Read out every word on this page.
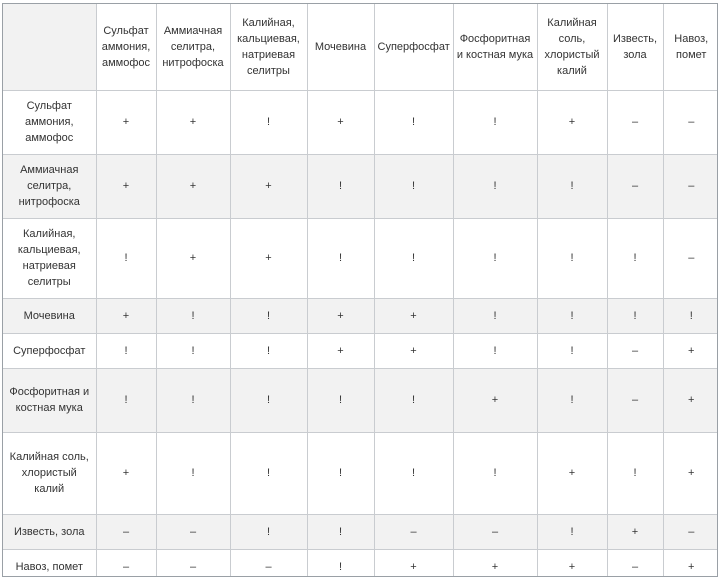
	Сульфат аммония, аммофос	Аммиачная селитра, нитрофоска	Калийная, кальциевая, натриевая селитры	Мочевина	Суперфосфат	Фосфоритная и костная мука	Калийная соль, хлористый калий	Известь, зола	Навоз, помет
Сульфат аммония, аммофос	+	+	!	+	!	!	+	–	–
Аммиачная селитра, нитрофоска	+	+	+	!	!	!	!	–	–
Калийная, кальциевая, натриевая селитры	!	+	+	!	!	!	!	!	–
Мочевина	+	!	!	+	+	!	!	!	!
Суперфосфат	!	!	!	+	+	!	!	–	+
Фосфоритная и костная мука	!	!	!	!	!	+	!	–	+
Калийная соль, хлористый калий	+	!	!	!	!	!	+	!	+
Известь, зола	–	–	!	!	–	–	!	+	–
Навоз, помет	–	–	–	!	+	+	+	–	+
